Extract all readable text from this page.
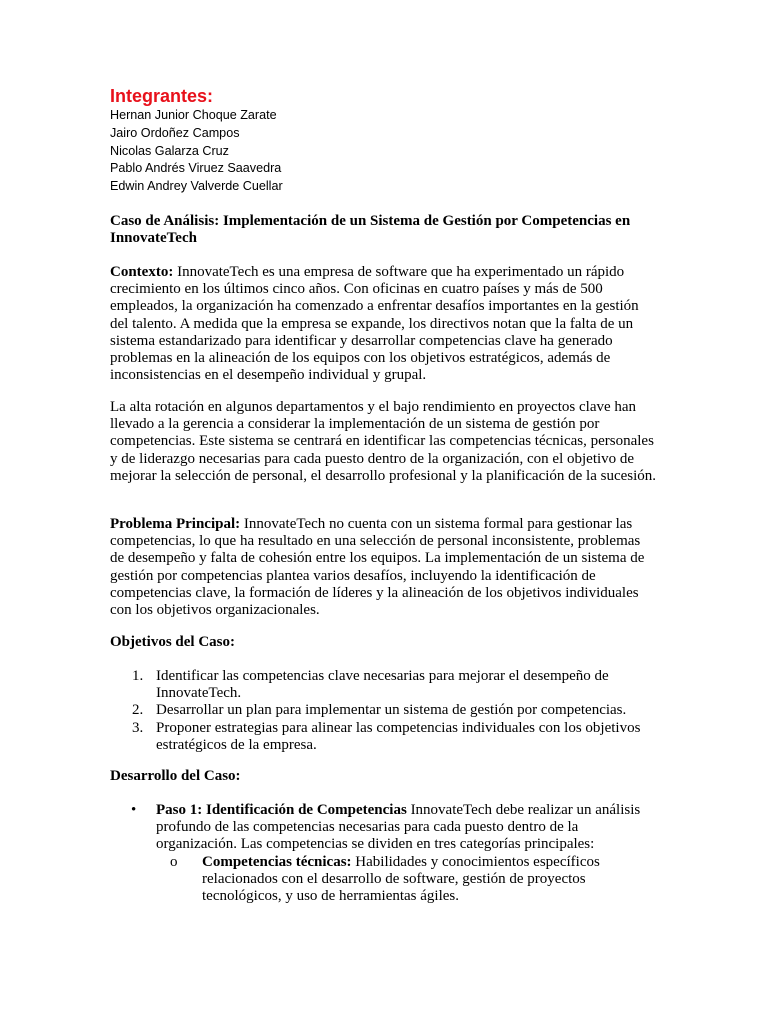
Integrantes:
Hernan Junior Choque Zarate
Jairo Ordoñez Campos
Nicolas Galarza Cruz
Pablo Andrés Viruez Saavedra
Edwin Andrey Valverde Cuellar

Caso de Análisis: Implementación de un Sistema de Gestión por Competencias en InnovateTech

Contexto: InnovateTech es una empresa de software que ha experimentado un rápido crecimiento en los últimos cinco años. Con oficinas en cuatro países y más de 500 empleados, la organización ha comenzado a enfrentar desafíos importantes en la gestión del talento. A medida que la empresa se expande, los directivos notan que la falta de un sistema estandarizado para identificar y desarrollar competencias clave ha generado problemas en la alineación de los equipos con los objetivos estratégicos, además de inconsistencias en el desempeño individual y grupal.

La alta rotación en algunos departamentos y el bajo rendimiento en proyectos clave han llevado a la gerencia a considerar la implementación de un sistema de gestión por competencias. Este sistema se centrará en identificar las competencias técnicas, personales y de liderazgo necesarias para cada puesto dentro de la organización, con el objetivo de mejorar la selección de personal, el desarrollo profesional y la planificación de la sucesión.

Problema Principal: InnovateTech no cuenta con un sistema formal para gestionar las competencias, lo que ha resultado en una selección de personal inconsistente, problemas de desempeño y falta de cohesión entre los equipos. La implementación de un sistema de gestión por competencias plantea varios desafíos, incluyendo la identificación de competencias clave, la formación de líderes y la alineación de los objetivos individuales con los objetivos organizacionales.

Objetivos del Caso:

1. Identificar las competencias clave necesarias para mejorar el desempeño de InnovateTech.
2. Desarrollar un plan para implementar un sistema de gestión por competencias.
3. Proponer estrategias para alinear las competencias individuales con los objetivos estratégicos de la empresa.

Desarrollo del Caso:

• Paso 1: Identificación de Competencias InnovateTech debe realizar un análisis profundo de las competencias necesarias para cada puesto dentro de la organización. Las competencias se dividen en tres categorías principales:
o Competencias técnicas: Habilidades y conocimientos específicos relacionados con el desarrollo de software, gestión de proyectos tecnológicos, y uso de herramientas ágiles.
